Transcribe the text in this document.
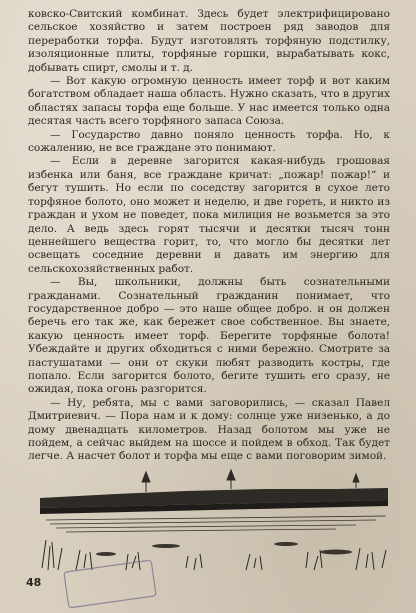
ковско-Свитский комбинат. Здесь будет электрифицировано сельское хозяйство и затем построен ряд заводов для переработки торфа. Будут изготовлять торфяную подстилку, изоляционные плиты, торфяные горшки, вырабатывать кокс, добывать спирт, смолы и т. д.

— Вот какую огромную ценность имеет торф и вот каким богатством обладает наша область. Нужно сказать, что в других областях запасы торфа еще больше. У нас имеется только одна десятая часть всего торфяного запаса Союза.

— Государство давно поняло ценность торфа. Но, к сожалению, не все граждане это понимают.

— Если в деревне загорится какая-нибудь грошовая избенка или баня, все граждане кричат: „пожар! пожар!“ и бегут тушить. Но если по соседству загорится в сухое лето торфяное болото, оно может и неделю, и две гореть, и никто из граждан и ухом не поведет, пока милиция не возьмется за это дело. А ведь здесь горят тысячи и десятки тысяч тонн ценнейшего вещества горит, то, что могло бы десятки лет освещать соседние деревни и давать им энергию для сельскохозяйственных работ.

— Вы, школьники, должны быть сознательными гражданами. Сознательный гражданин понимает, что государственное добро — это наше общее добро. и он должен беречь его так же, как бережет свое собственное. Вы знаете, какую ценность имеет торф. Берегите торфяные болота! Убеждайте и других обходиться с ними бережно. Смотрите за пастушатами — они от скуки любят разводить костры, где попало. Если загорится болото, бегите тушить его сразу, не ожидая, пока огонь разгорится.

— Ну, ребята, мы с вами заговорились, — сказал Павел Дмитриевич. — Пора нам и к дому: солнце уже низенько, а до дому двенадцать километров. Назад болотом мы уже не пойдем, а сейчас выйдем на шоссе и пойдем в обход. Так будет легче. А насчет болот и торфа мы еще с вами поговорим зимой.

48
